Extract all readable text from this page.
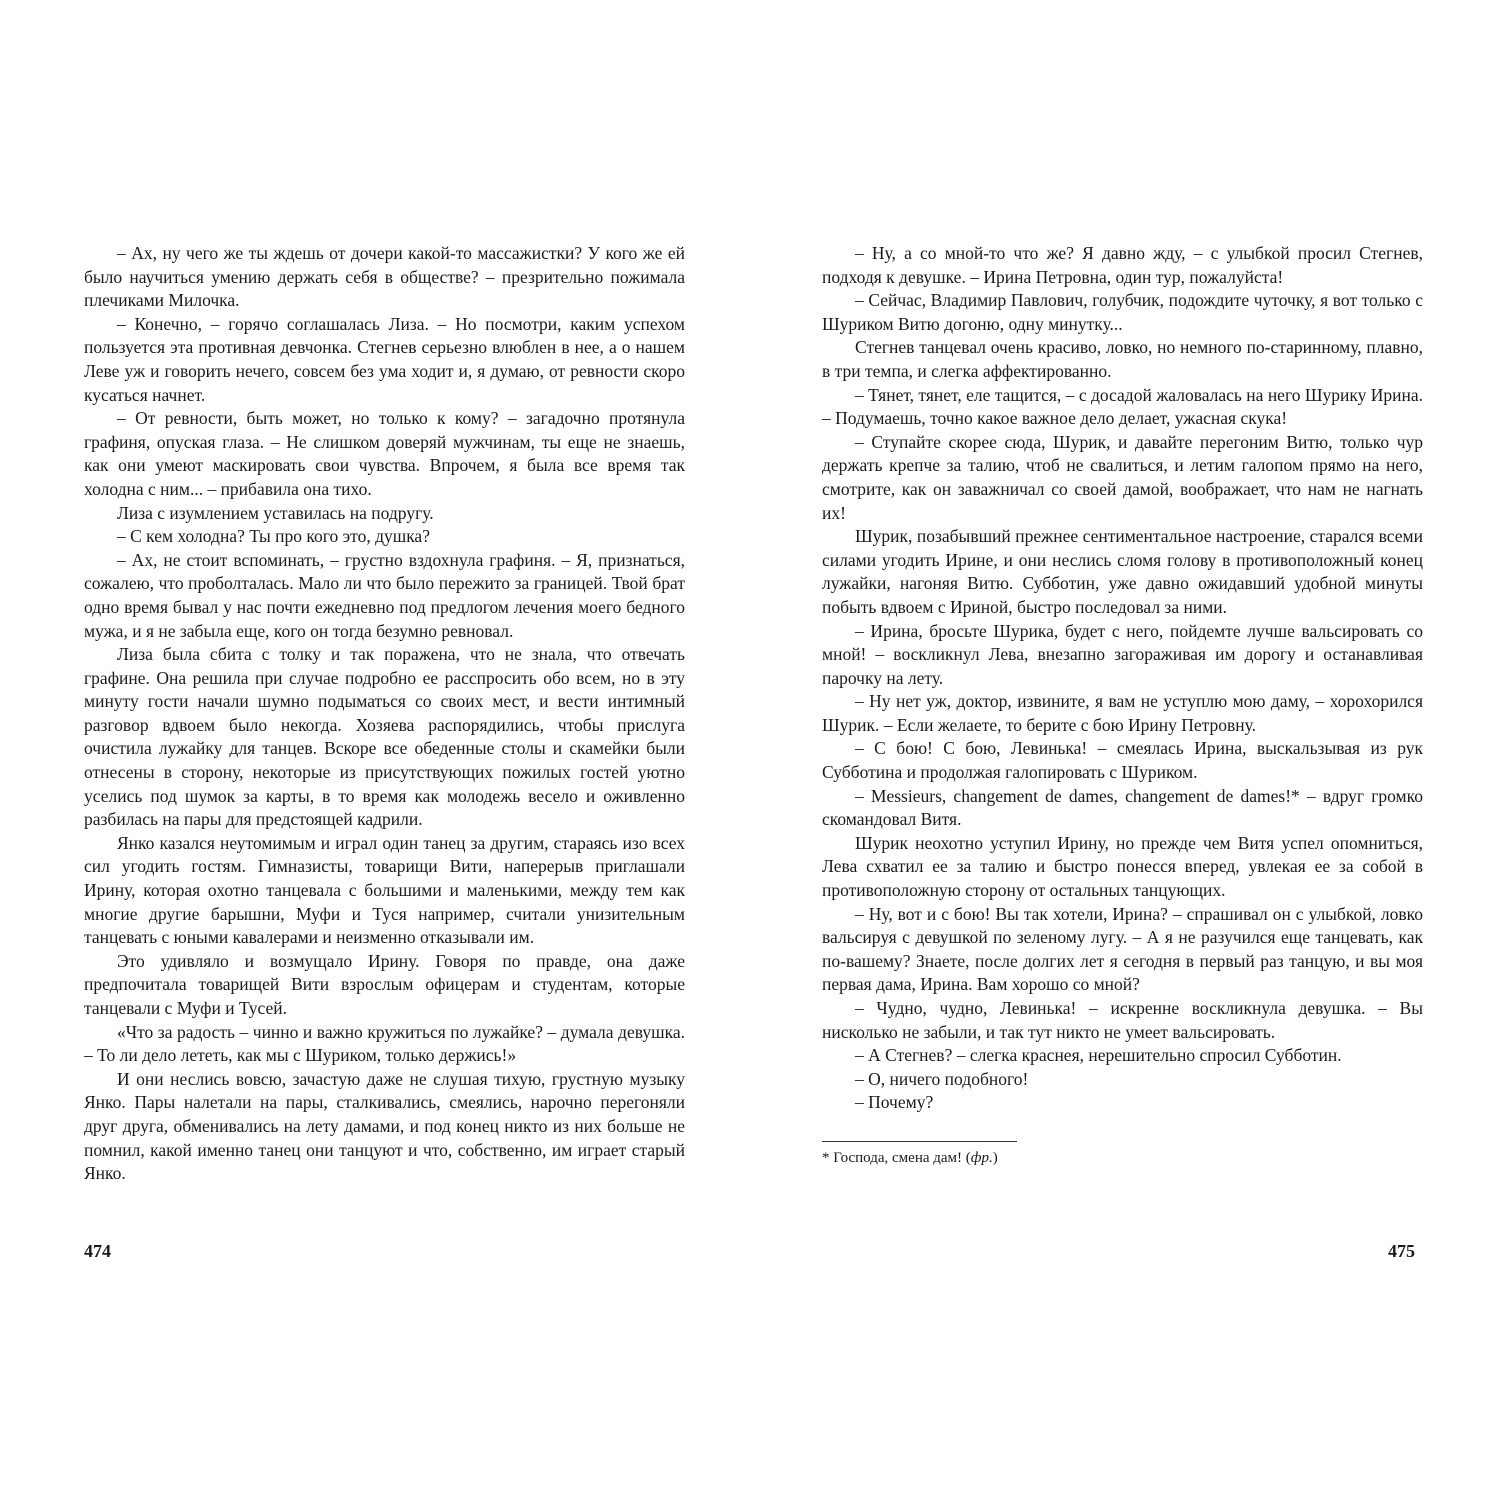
– Ах, ну чего же ты ждешь от дочери какой-то массажистки? У кого же ей было научиться умению держать себя в обществе? – презрительно пожимала плечиками Милочка.

– Конечно, – горячо соглашалась Лиза. – Но посмотри, каким успехом пользуется эта противная девчонка. Стегнев серьезно влюблен в нее, а о нашем Леве уж и говорить нечего, совсем без ума ходит и, я думаю, от ревности скоро кусаться начнет.

– От ревности, быть может, но только к кому? – загадочно протянула графиня, опуская глаза. – Не слишком доверяй мужчинам, ты еще не знаешь, как они умеют маскировать свои чувства. Впрочем, я была все время так холодна с ним... – прибавила она тихо.

Лиза с изумлением уставилась на подругу.

– С кем холодна? Ты про кого это, душка?

– Ах, не стоит вспоминать, – грустно вздохнула графиня. – Я, признаться, сожалею, что проболталась. Мало ли что было пережито за границей. Твой брат одно время бывал у нас почти ежедневно под предлогом лечения моего бедного мужа, и я не забыла еще, кого он тогда безумно ревновал.

Лиза была сбита с толку и так поражена, что не знала, что отвечать графине. Она решила при случае подробно ее расспросить обо всем, но в эту минуту гости начали шумно подыматься со своих мест, и вести интимный разговор вдвоем было некогда. Хозяева распорядились, чтобы прислуга очистила лужайку для танцев. Вскоре все обеденные столы и скамейки были отнесены в сторону, некоторые из присутствующих пожилых гостей уютно уселись под шумок за карты, в то время как молодежь весело и оживленно разбилась на пары для предстоящей кадрили.

Янко казался неутомимым и играл один танец за другим, стараясь изо всех сил угодить гостям. Гимназисты, товарищи Вити, наперерыв приглашали Ирину, которая охотно танцевала с большими и маленькими, между тем как многие другие барышни, Муфи и Туся например, считали унизительным танцевать с юными кавалерами и неизменно отказывали им.

Это удивляло и возмущало Ирину. Говоря по правде, она даже предпочитала товарищей Вити взрослым офицерам и студентам, которые танцевали с Муфи и Тусей.

«Что за радость – чинно и важно кружиться по лужайке? – думала девушка. – То ли дело лететь, как мы с Шуриком, только держись!»

И они неслись вовсю, зачастую даже не слушая тихую, грустную музыку Янко. Пары налетали на пары, сталкивались, смеялись, нарочно перегоняли друг друга, обменивались на лету дамами, и под конец никто из них больше не помнил, какой именно танец они танцуют и что, собственно, им играет старый Янко.

– Ну, а со мной-то что же? Я давно жду, – с улыбкой просил Стегнев, подходя к девушке. – Ирина Петровна, один тур, пожалуйста!

– Сейчас, Владимир Павлович, голубчик, подождите чуточку, я вот только с Шуриком Витю догоню, одну минутку...

Стегнев танцевал очень красиво, ловко, но немного по-старинному, плавно, в три темпа, и слегка аффектированно.

– Тянет, тянет, еле тащится, – с досадой жаловалась на него Шурику Ирина. – Подумаешь, точно какое важное дело делает, ужасная скука!

– Ступайте скорее сюда, Шурик, и давайте перегоним Витю, только чур держать крепче за талию, чтоб не свалиться, и летим галопом прямо на него, смотрите, как он заважничал со своей дамой, воображает, что нам не нагнать их!

Шурик, позабывший прежнее сентиментальное настроение, старался всеми силами угодить Ирине, и они неслись сломя голову в противоположный конец лужайки, нагоняя Витю. Субботин, уже давно ожидавший удобной минуты побыть вдвоем с Ириной, быстро последовал за ними.

– Ирина, бросьте Шурика, будет с него, пойдемте лучше вальсировать со мной! – воскликнул Лева, внезапно загораживая им дорогу и останавливая парочку на лету.

– Ну нет уж, доктор, извините, я вам не уступлю мою даму, – хорохорился Шурик. – Если желаете, то берите с бою Ирину Петровну.

– С бою! С бою, Левинька! – смеялась Ирина, выскальзывая из рук Субботина и продолжая галопировать с Шуриком.

– Messieurs, changement de dames, changement de dames!* – вдруг громко скомандовал Витя.

Шурик неохотно уступил Ирину, но прежде чем Витя успел опомниться, Лева схватил ее за талию и быстро понесся вперед, увлекая ее за собой в противоположную сторону от остальных танцующих.

– Ну, вот и с бою! Вы так хотели, Ирина? – спрашивал он с улыбкой, ловко вальсируя с девушкой по зеленому лугу. – А я не разучился еще танцевать, как по-вашему? Знаете, после долгих лет я сегодня в первый раз танцую, и вы моя первая дама, Ирина. Вам хорошо со мной?

– Чудно, чудно, Левинька! – искренне воскликнула девушка. – Вы нисколько не забыли, и так тут никто не умеет вальсировать.

– А Стегнев? – слегка краснея, нерешительно спросил Субботин.

– О, ничего подобного!

– Почему?

* Господа, смена дам! (фр.)

474	475
